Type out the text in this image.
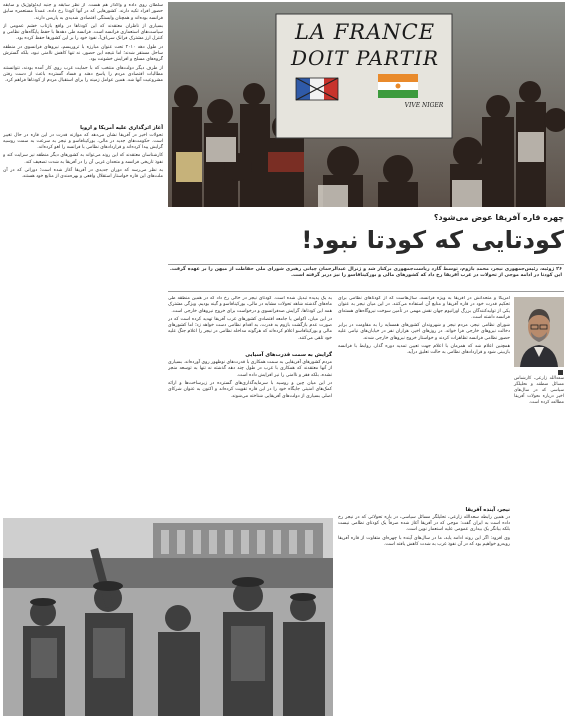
LA FRANCE
DOIT PARTIR
VIVE NIGER

سلطان روی داده و واگذار هم هست. از نظر سابقه و جنبه ایدئولوژیک و سابقه حضور افراد تکیه دارند. کشورهایی که در آنها کودتا رخ داده، عمدتاً مستعمره سابق فرانسه بوده‌اند و همچنان وابستگی اقتصادی شدیدی به پاریس دارند.

بسیاری از ناظران معتقدند که این کودتاها در واقع بازتاب خشم عمومی از سیاست‌های استعماری فرانسه است. فرانسه طی دهه‌ها با حفظ پایگاه‌های نظامی و کنترل ارز مشترک فرانک سی‌اف‌آ، نفوذ خود را بر این کشورها حفظ کرده بود.

در طول دهه ۲۰۱۰ تحت عنوان مبارزه با تروریسم، نیروهای فرانسوی در منطقه ساحل مستقر شدند؛ اما نتیجه این حضور، نه تنها کاهش ناامنی نبود، بلکه گسترش گروه‌های مسلح و افزایش خشونت بود.

از طرف دیگر دولت‌های منتخب که با حمایت غرب روی کار آمده بودند، نتوانستند مطالبات اقتصادی مردم را پاسخ دهند و فساد گسترده باعث از دست رفتن مشروعیت آنها شد. همین عوامل زمینه را برای استقبال مردم از کودتاها فراهم کرد.

آغاز اثرگذاری علیه آمریکا و اروپا

تحولات اخیر در آفریقا نشان می‌دهد که موازنه قدرت در این قاره در حال تغییر است. حکومت‌های جدید در مالی، بورکینافاسو و نیجر به سرعت به سمت روسیه گرایش پیدا کرده‌اند و قراردادهای نظامی با فرانسه را لغو کرده‌اند.

کارشناسان معتقدند که این روند می‌تواند به کشورهای دیگر منطقه نیز سرایت کند و نفوذ تاریخی فرانسه و متحدان غربی آن را در آفریقا به شدت تضعیف کند.

به نظر می‌رسد که دوران جدیدی در آفریقا آغاز شده است؛ دورانی که در آن ملت‌های این قاره خواستار استقلال واقعی و بهره‌مندی از منابع خود هستند.

چهره قاره آفریقا عوض می‌شود؟
کودتایی که کودتا نبود!
۲۶ ژوئیه، رئیس‌جمهوری نیجر، محمد بازوم، توسط گارد ریاست‌جمهوری برکنار شد و ژنرال عبدالرحمان چیانی رهبری شورای ملی حفاظت از میهن را بر عهده گرفت. این کودتا در ادامه موجی از تحولات در غرب آفریقا رخ داد که کشورهای مالی و بورکینافاسو را نیز دربر گرفته است.
سعدالله زارعی، کارشناس مسائل منطقه و تحلیلگر سیاسی که در سال‌های اخیر درباره تحولات آفریقا مطالعه کرده است.

آمریکا و متحدانش در آفریقا به ویژه فرانسه، سال‌هاست که از کودتاهای نظامی برای تحکیم قدرت خود در قاره آفریقا و منابع آن استفاده می‌کنند. در این میان نیجر به عنوان یکی از تولیدکنندگان بزرگ اورانیوم جهان نقش مهمی در تأمین سوخت نیروگاه‌های هسته‌ای فرانسه داشته است.

شورای نظامی نیجر، مردم نیجر و شهروندان کشورهای همسایه را به مقاومت در برابر دخالت نیروهای خارجی فرا خواند. در روزهای اخیر، هزاران نفر در خیابان‌های نیامی علیه حضور نظامی فرانسه تظاهرات کردند و خواستار خروج نیروهای خارجی شدند.

همچنین اعلام شد که همزمان با اعلام جهت تعیین تمدید دوره گذار، روابط با فرانسه بازبینی شود و قراردادهای نظامی به حالت تعلیق درآید.

نیجر، آینده آفریقا

در همین رابطه سعدالله زارعی، تحلیلگر مسائل سیاسی، در باره تحولاتی که در نیجر رخ داده است به ایران گفت: موجی که در آفریقا آغاز شده صرفاً یک کودتای نظامی نیست بلکه بیانگر یک بیداری عمومی علیه استعمار نوین است.

وی افزود: اگر این روند ادامه یابد، ما در سال‌های آینده با چهره‌ای متفاوت از قاره آفریقا روبه‌رو خواهیم بود که در آن نفوذ غرب به شدت کاهش یافته است.

به یک پدیده تبدیل شده است. کودتای نیجر در حالی رخ داد که در همین منطقه طی ماه‌های گذشته شاهد تحولات مشابه در مالی، بورکینافاسو و گینه بودیم. ویژگی مشترک همه این کودتاها، گرایش ضدفرانسوی و درخواست برای خروج نیروهای خارجی است.

در این میان، اکواس یا جامعه اقتصادی کشورهای غرب آفریقا تهدید کرده است که در صورت عدم بازگشت بازوم به قدرت، به اقدام نظامی دست خواهد زد؛ اما کشورهای مالی و بورکینافاسو اعلام کرده‌اند که هرگونه مداخله نظامی در نیجر را اعلام جنگ علیه خود تلقی می‌کنند.

گرایش به سمت قدرت‌های آسیایی

مردم کشورهای آفریقایی به سمت همکاری با قدرت‌های نوظهور روی آورده‌اند. بسیاری از آنها معتقدند که همکاری با غرب در طول چند دهه گذشته نه تنها به توسعه منجر نشده، بلکه فقر و ناامنی را نیز افزایش داده است.

در این میان چین و روسیه با سرمایه‌گذاری‌های گسترده در زیرساخت‌ها و ارائه کمک‌های امنیتی جایگاه خود را در این قاره تقویت کرده‌اند و اکنون به عنوان شرکای اصلی بسیاری از دولت‌های آفریقایی شناخته می‌شوند.
